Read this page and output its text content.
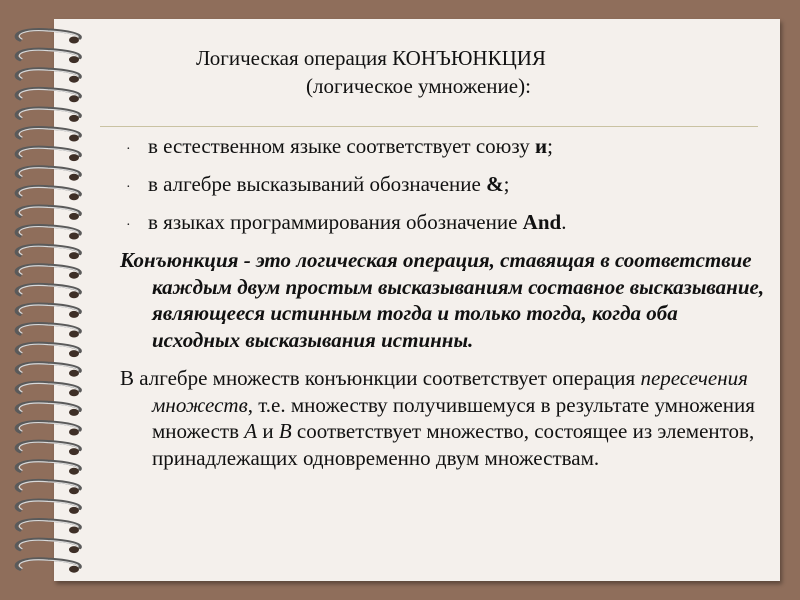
Логическая операция КОНЪЮНКЦИЯ
(логическое умножение):
· в естественном языке соответствует союзу и;
· в алгебре высказываний обозначение &;
· в языках программирования обозначение And.

Конъюнкция - это логическая операция, ставящая в соответствие каждым двум простым высказываниям составное высказывание, являющееся истинным тогда и только тогда, когда оба исходных высказывания истинны.

В алгебре множеств конъюнкции соответствует операция пересечения множеств, т.е. множеству получившемуся в результате умножения множеств А и В соответствует множество, состоящее из элементов, принадлежащих одновременно двум множествам.
